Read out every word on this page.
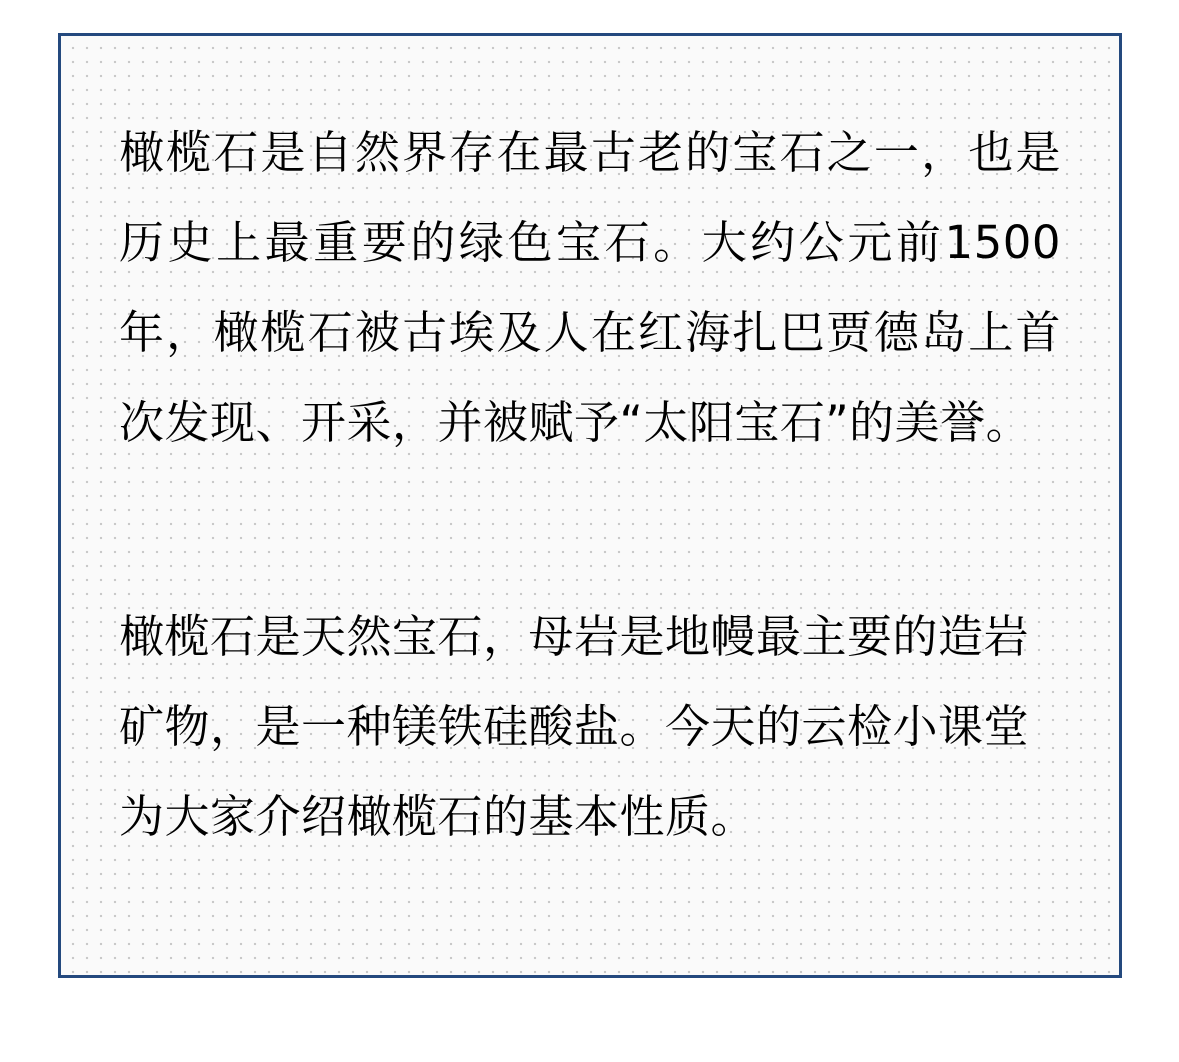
橄榄石是自然界存在最古老的宝石之一，也是历史上最重要的绿色宝石。大约公元前1500年，橄榄石被古埃及人在红海扎巴贾德岛上首次发现、开采，并被赋予“太阳宝石”的美誉。

橄榄石是天然宝石，母岩是地幔最主要的造岩矿物，是一种镁铁硅酸盐。今天的云检小课堂为大家介绍橄榄石的基本性质。
